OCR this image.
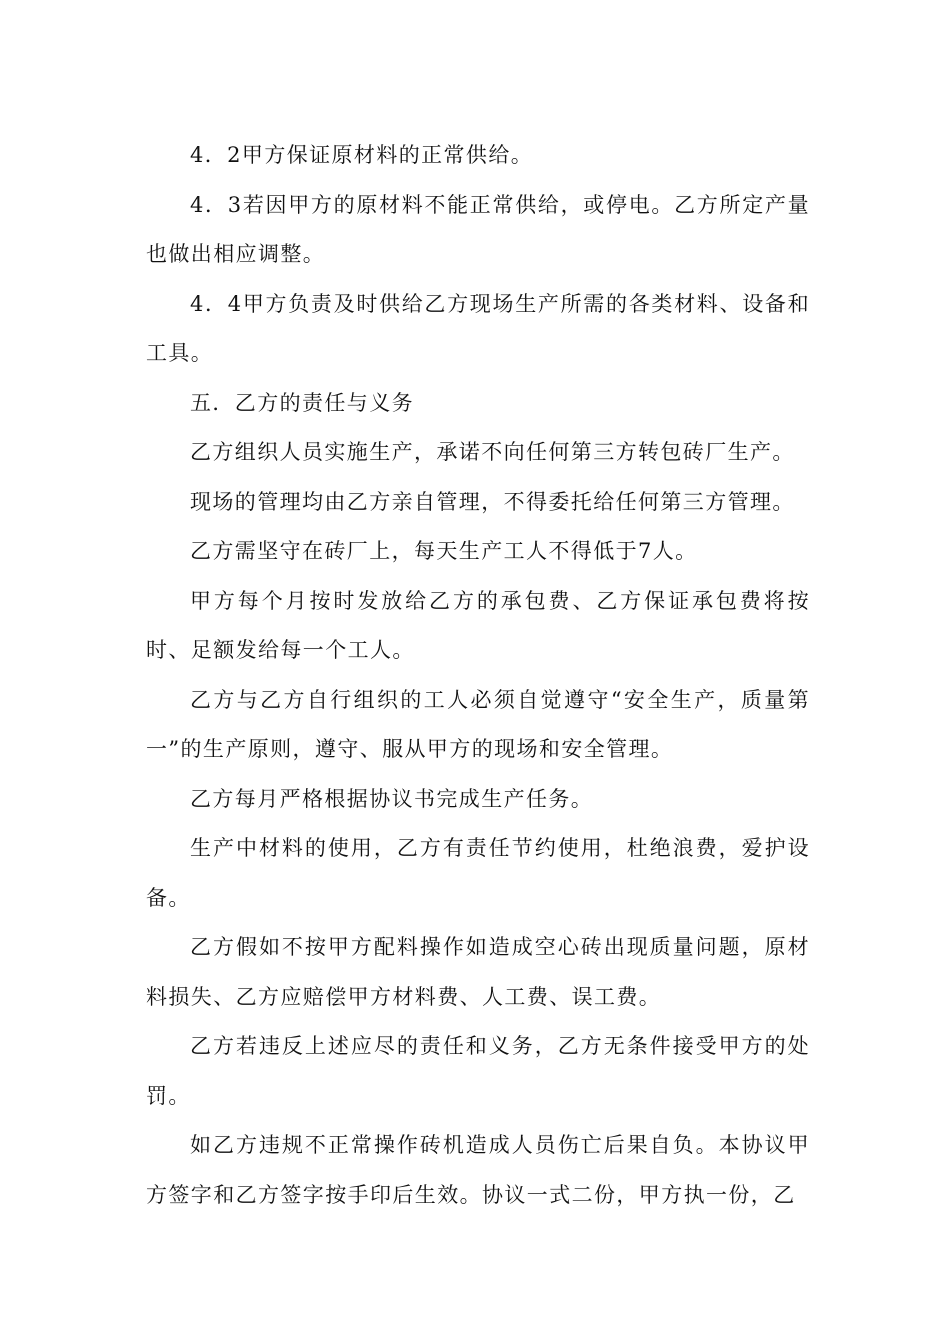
4．2甲方保证原材料的正常供给。

4．3若因甲方的原材料不能正常供给，或停电。乙方所定产量也做出相应调整。

4．4甲方负责及时供给乙方现场生产所需的各类材料、设备和工具。

五．乙方的责任与义务

乙方组织人员实施生产，承诺不向任何第三方转包砖厂生产。

现场的管理均由乙方亲自管理，不得委托给任何第三方管理。

乙方需坚守在砖厂上，每天生产工人不得低于7人。

甲方每个月按时发放给乙方的承包费、乙方保证承包费将按时、足额发给每一个工人。

乙方与乙方自行组织的工人必须自觉遵守“安全生产，质量第一”的生产原则，遵守、服从甲方的现场和安全管理。

乙方每月严格根据协议书完成生产任务。

生产中材料的使用，乙方有责任节约使用，杜绝浪费，爱护设备。

乙方假如不按甲方配料操作如造成空心砖出现质量问题，原材料损失、乙方应赔偿甲方材料费、人工费、误工费。

乙方若违反上述应尽的责任和义务，乙方无条件接受甲方的处罚。

如乙方违规不正常操作砖机造成人员伤亡后果自负。本协议甲方签字和乙方签字按手印后生效。协议一式二份，甲方执一份，乙
